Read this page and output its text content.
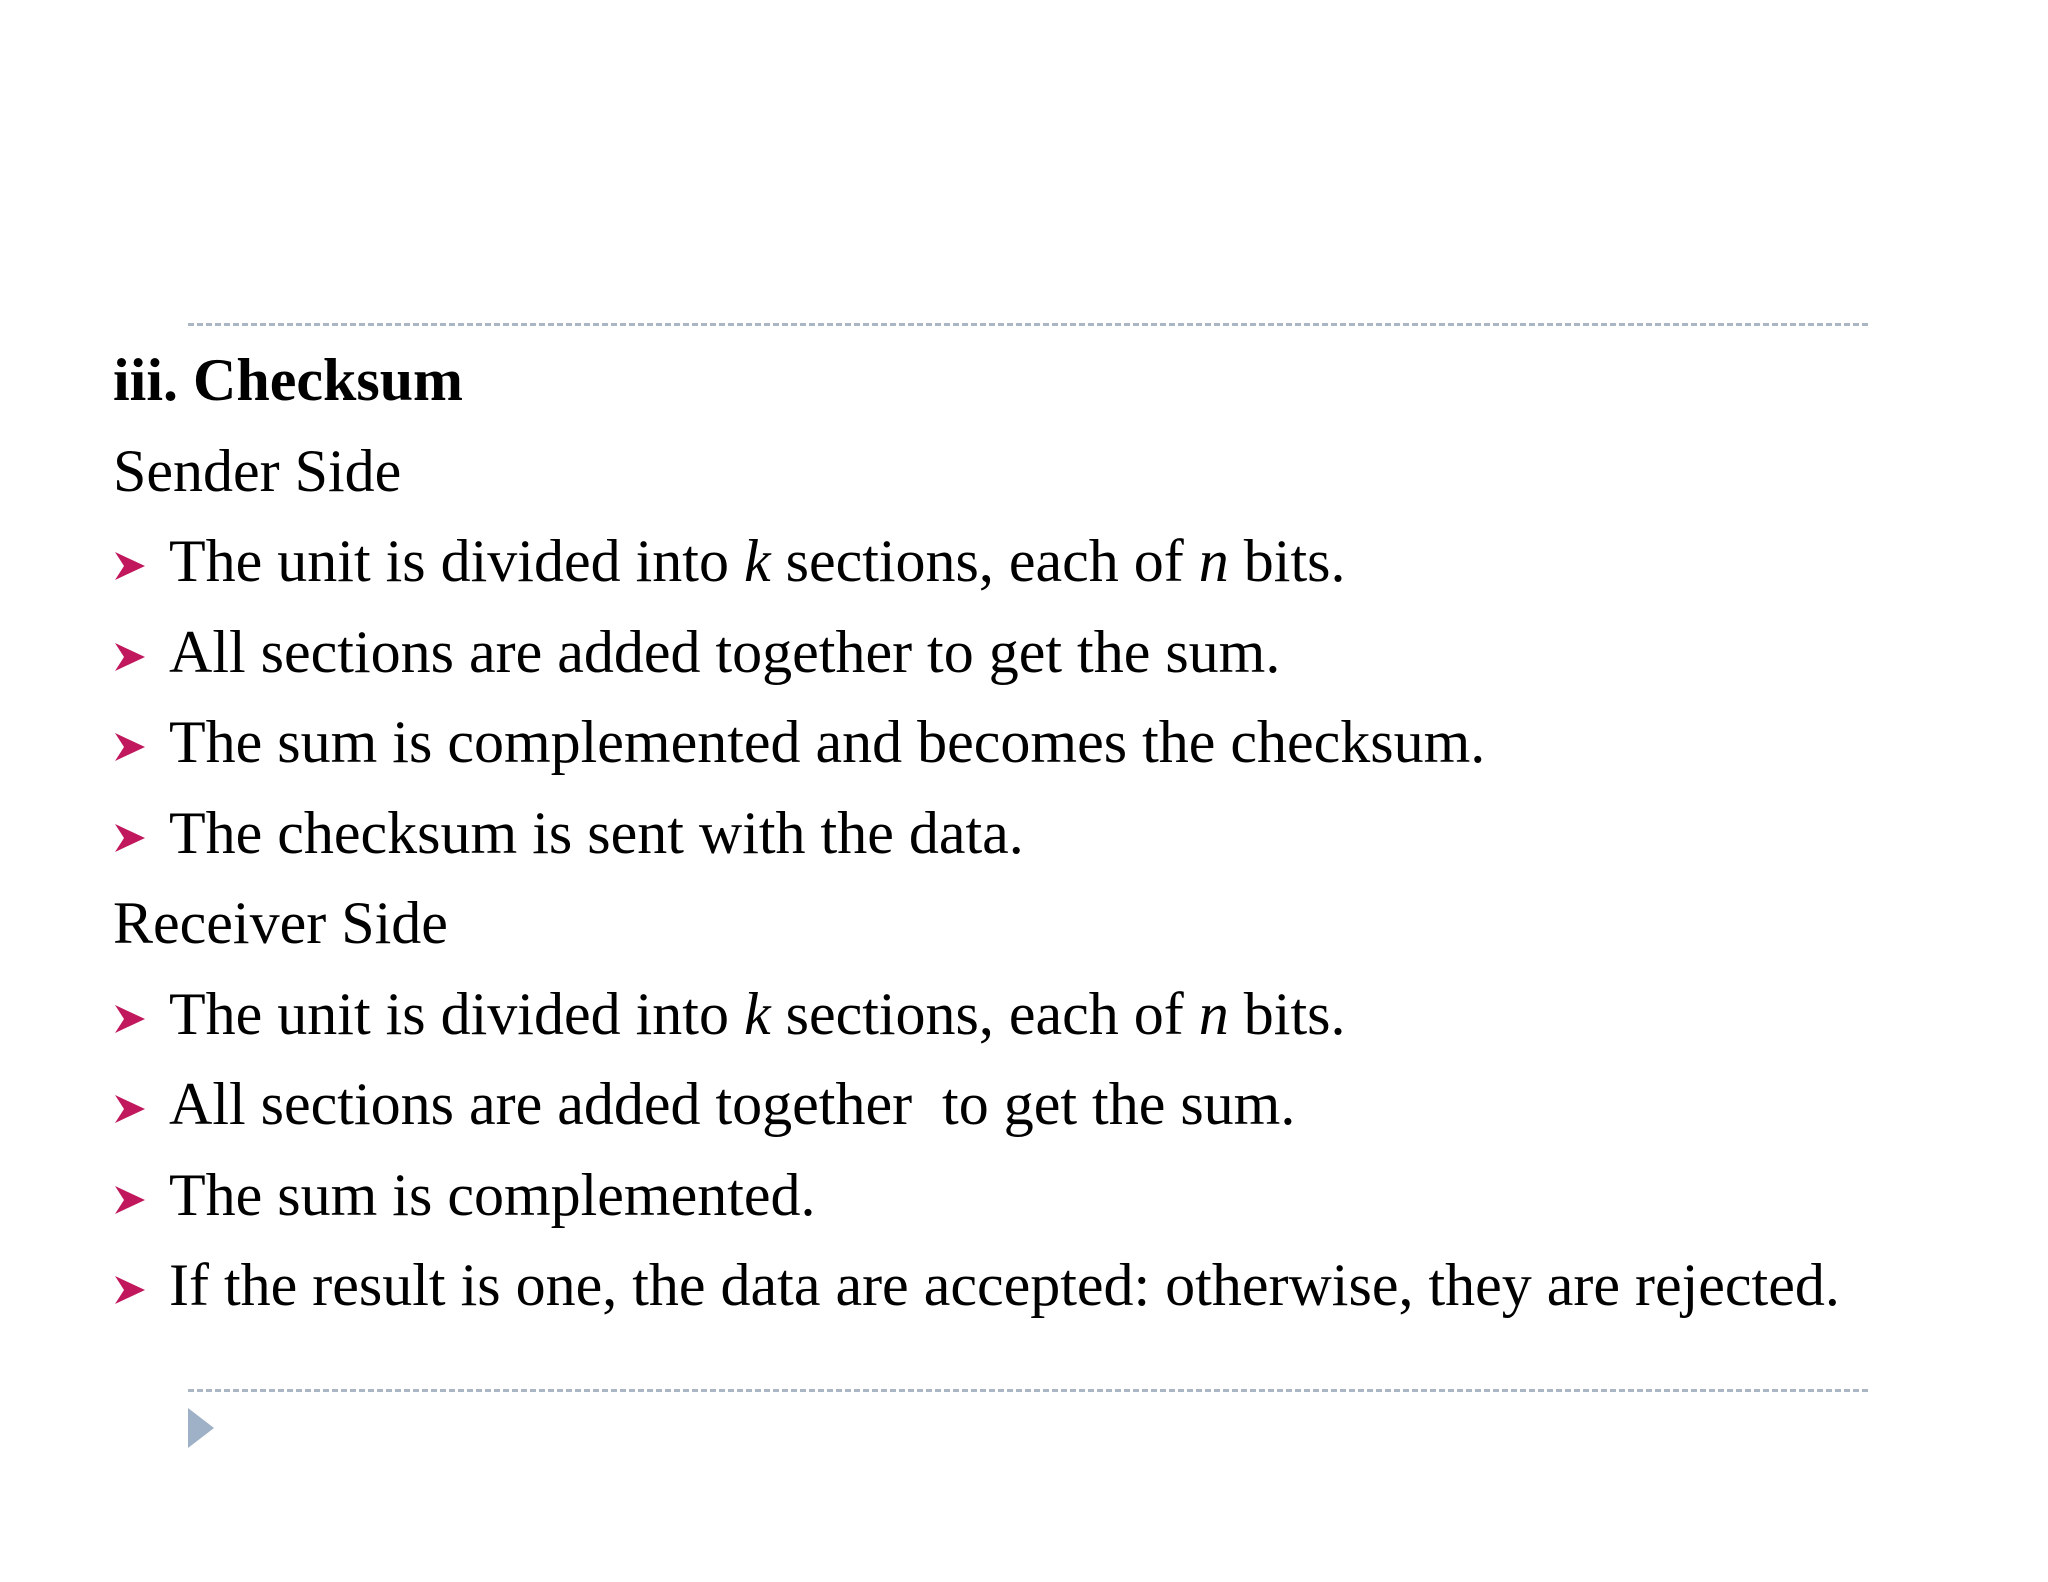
iii. Checksum
Sender Side
The unit is divided into k sections, each of n bits.
All sections are added together to get the sum.
The sum is complemented and becomes the checksum.
The checksum is sent with the data.
Receiver Side
The unit is divided into k sections, each of n bits.
All sections are added together  to get the sum.
The sum is complemented.
If the result is one, the data are accepted: otherwise, they are rejected.
